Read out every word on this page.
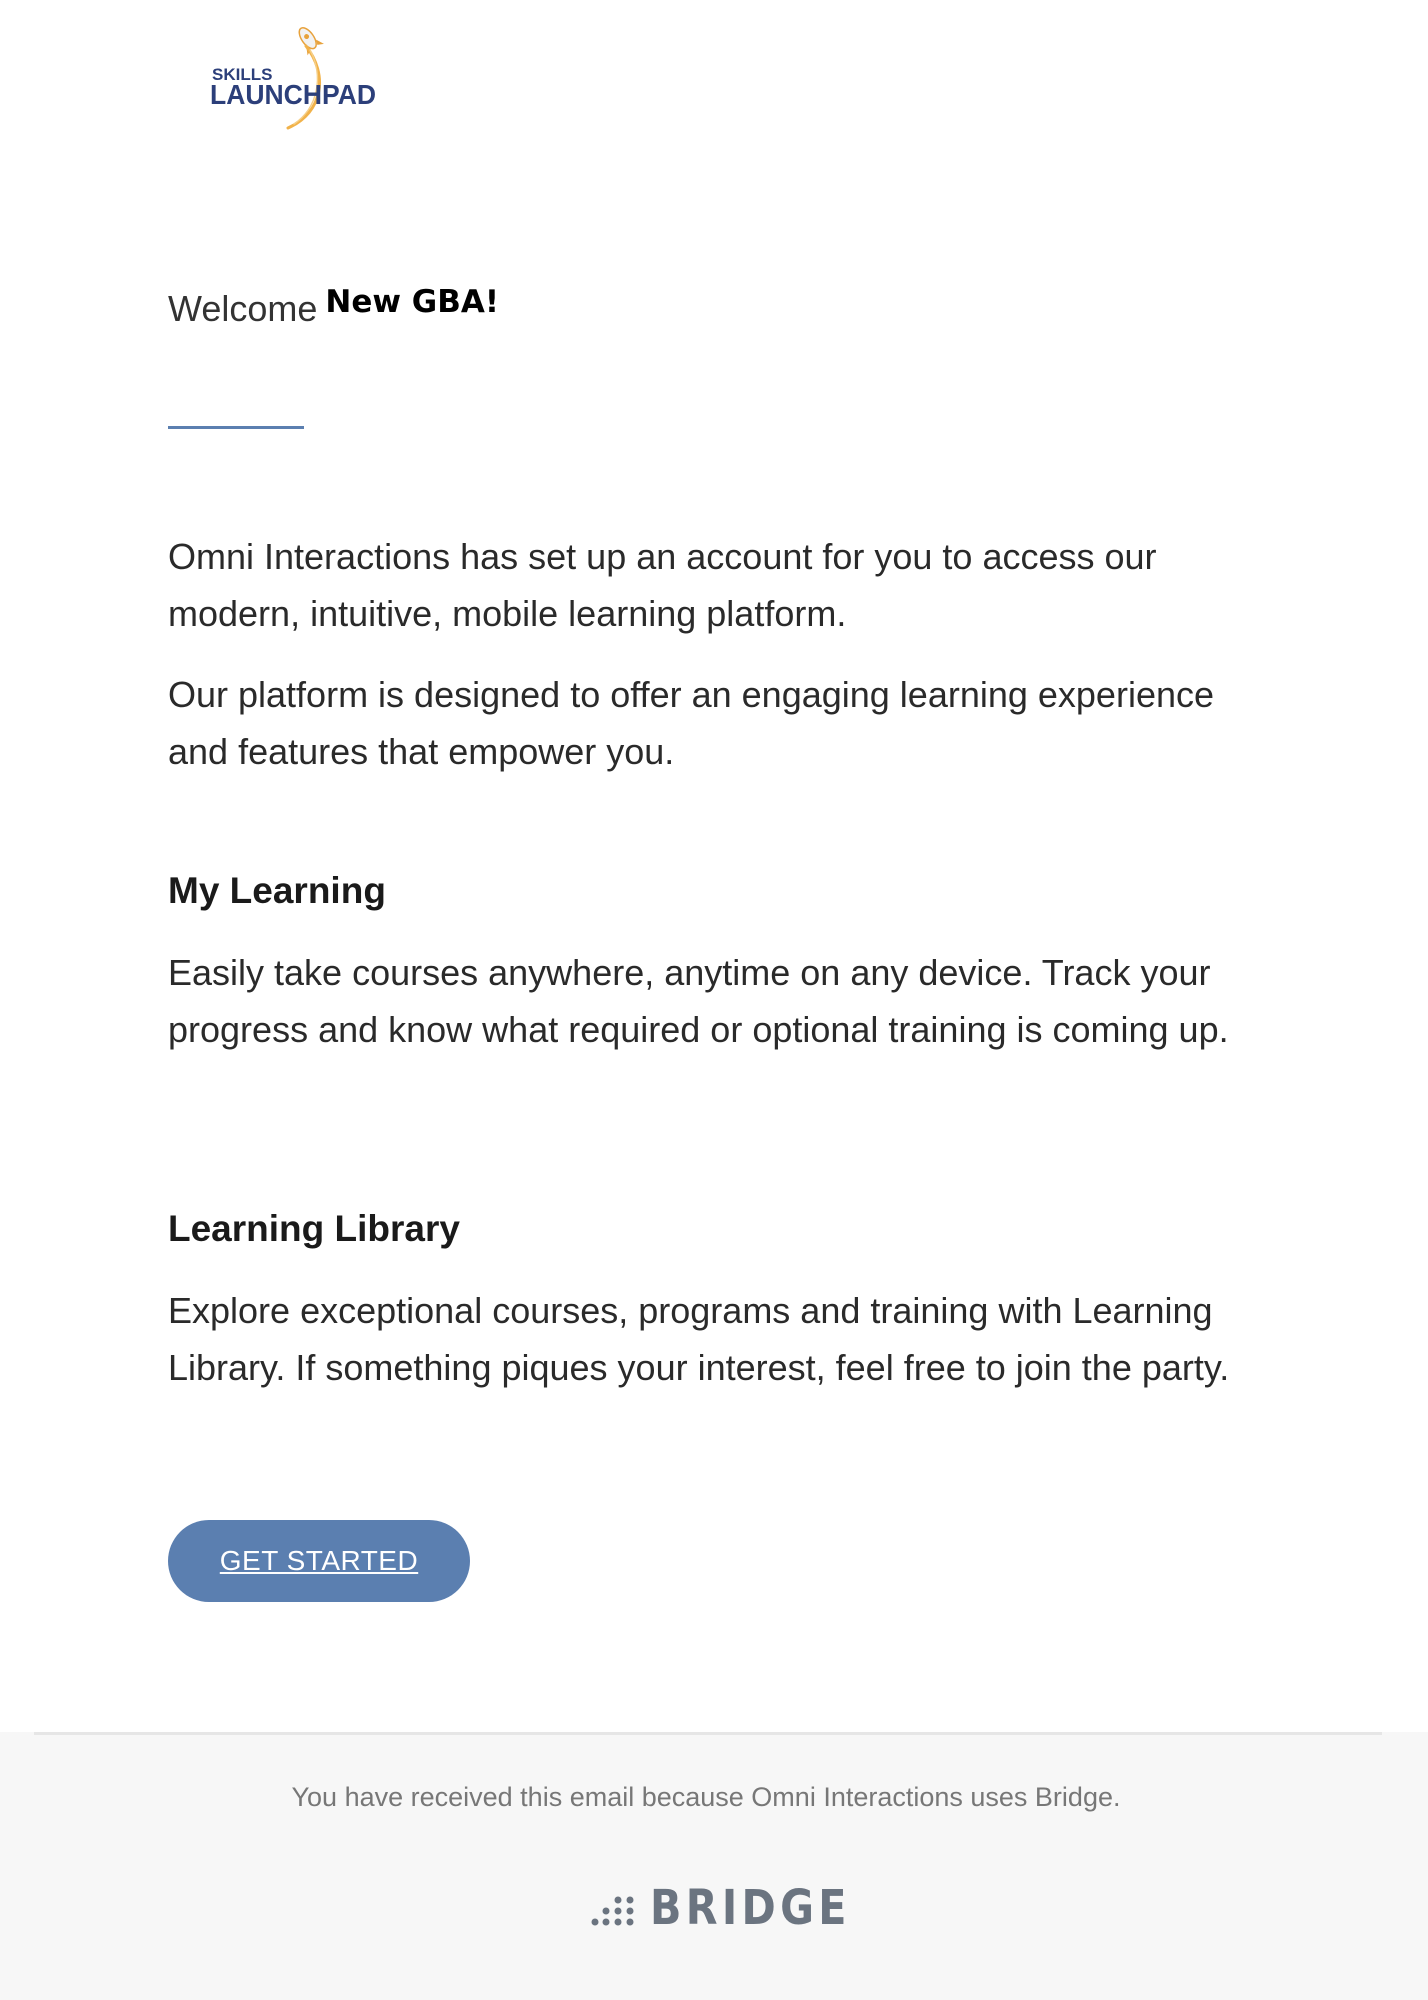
SKILLS
LAUNCHPAD
Welcome New GBA!

Omni Interactions has set up an account for you to access our modern, intuitive, mobile learning platform.

Our platform is designed to offer an engaging learning experience and features that empower you.

My Learning

Easily take courses anywhere, anytime on any device. Track your progress and know what required or optional training is coming up.

Learning Library

Explore exceptional courses, programs and training with Learning Library. If something piques your interest, feel free to join the party.

GET STARTED
You have received this email because Omni Interactions uses Bridge.
BRIDGE
